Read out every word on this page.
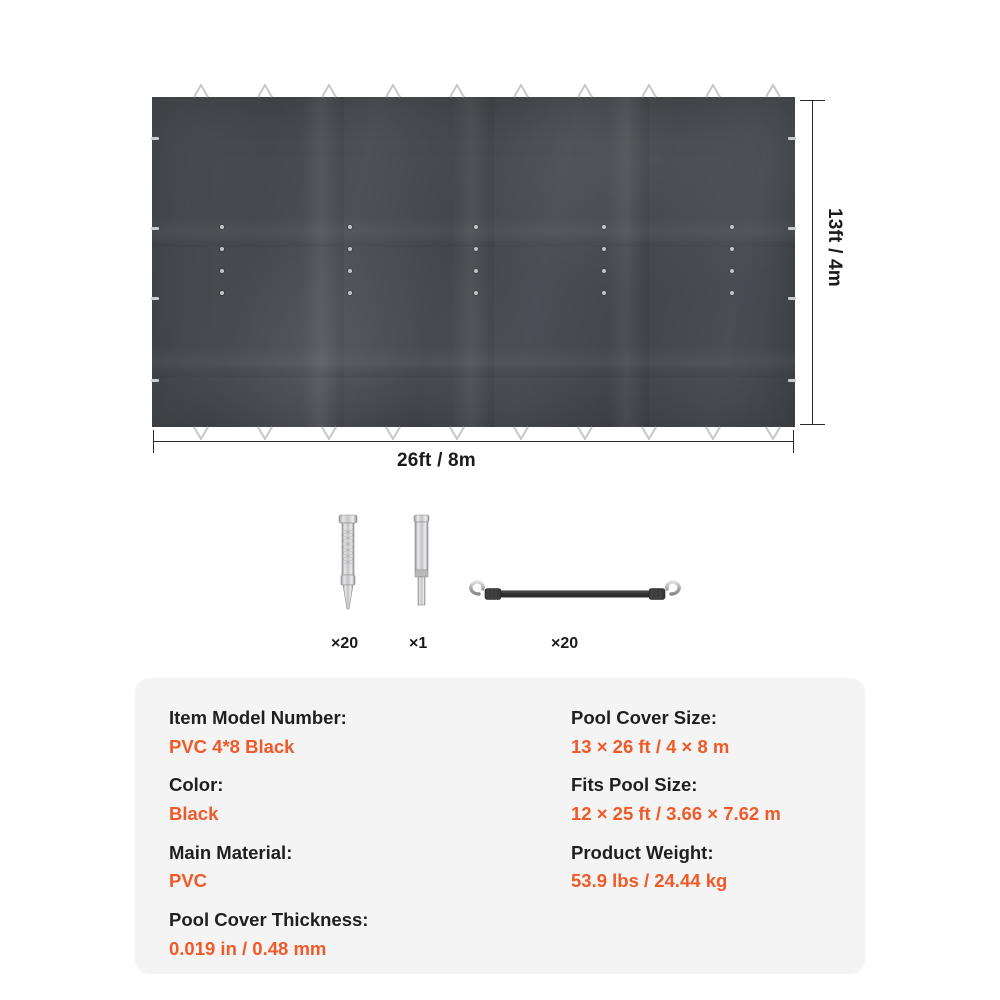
13ft / 4m
26ft / 8m
×20	×1	×20
Item Model Number:
PVC 4*8 Black
Color:
Black
Main Material:
PVC
Pool Cover Thickness:
0.019 in / 0.48 mm
Pool Cover Size:
13 × 26 ft / 4 × 8 m
Fits Pool Size:
12 × 25 ft / 3.66 × 7.62 m
Product Weight:
53.9 lbs / 24.44 kg
